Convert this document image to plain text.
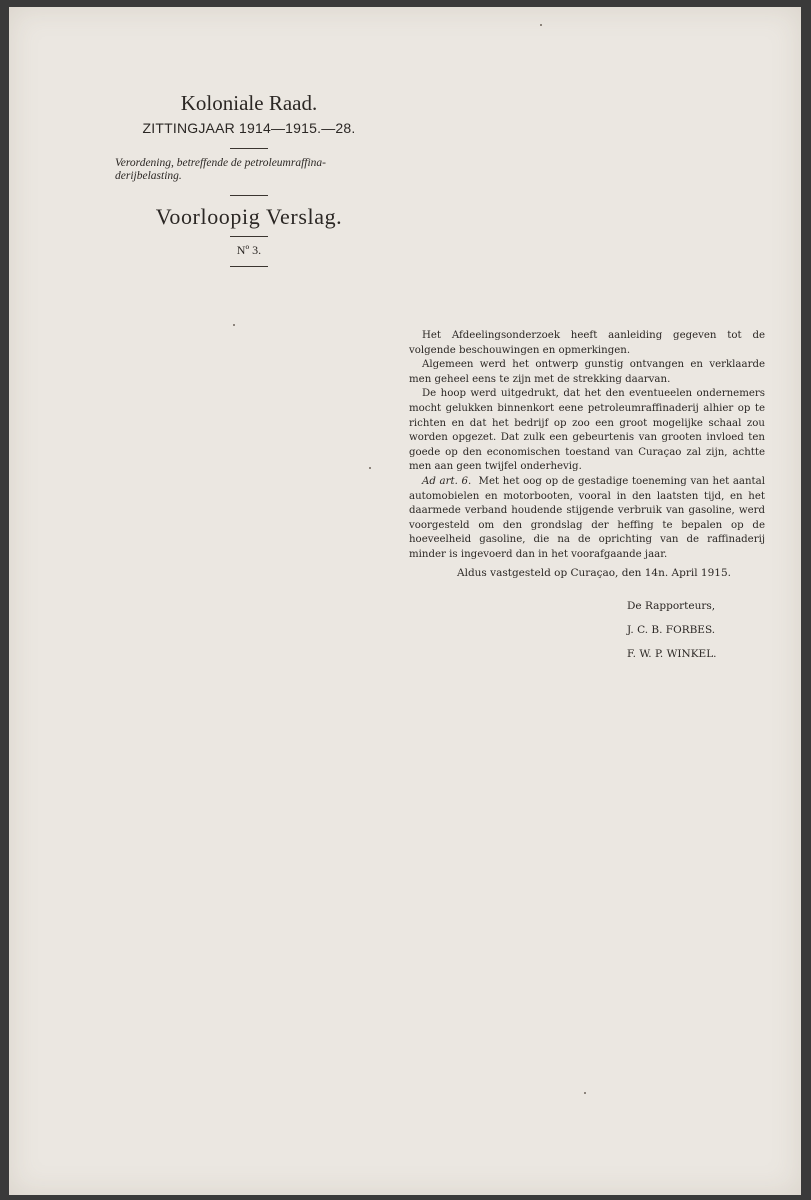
Koloniale Raad.
ZITTINGJAAR 1914—1915.—28.
Verordening, betreffende de petroleumraffina-derijbelasting.
Voorloopig Verslag.
Nº 3.

Het Afdeelingsonderzoek heeft aanleiding gegeven tot de volgende beschouwingen en opmerkingen.

Algemeen werd het ontwerp gunstig ontvangen en verklaarde men geheel eens te zijn met de strekking daarvan.

De hoop werd uitgedrukt, dat het den eventueelen ondernemers mocht gelukken binnenkort eene petroleumraffinaderij alhier op te richten en dat het bedrijf op zoo een groot mogelijke schaal zou worden opgezet. Dat zulk een gebeurtenis van grooten invloed ten goede op den economischen toestand van Curaçao zal zijn, achtte men aan geen twijfel onderhevig.

Ad art. 6. Met het oog op de gestadige toeneming van het aantal automobielen en motorbooten, vooral in den laatsten tijd, en het daarmede verband houdende stijgende verbruik van gasoline, werd voorgesteld om den grondslag der heffing te bepalen op de hoeveelheid gasoline, die na de oprichting van de raffinaderij minder is ingevoerd dan in het voorafgaande jaar.

Aldus vastgesteld op Curaçao, den 14n. April 1915.
De Rapporteurs,
J. C. B. FORBES.
F. W. P. WINKEL.
